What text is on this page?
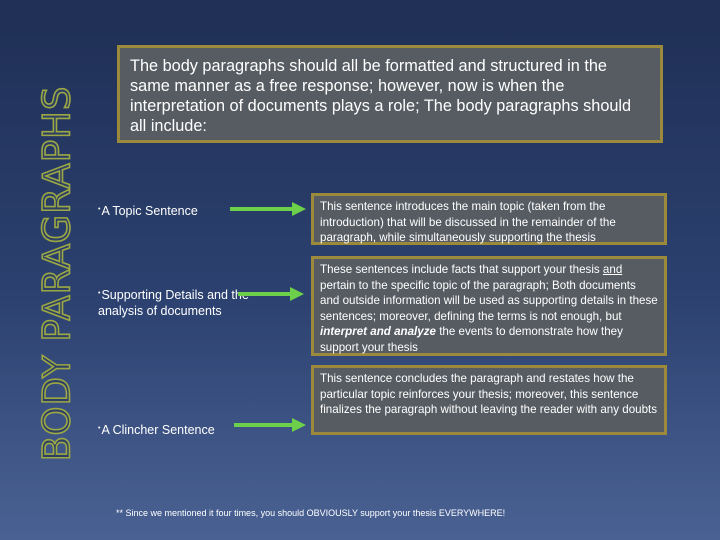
BODY PARAGRAPHS
The body paragraphs should all be formatted and structured in the same manner as a free response; however, now is when the interpretation of documents plays a role; The body paragraphs should all include:
•A Topic Sentence	This sentence introduces the main topic (taken from the introduction) that will be discussed in the remainder of the paragraph, while simultaneously supporting the thesis
•Supporting Details and the analysis of documents
These sentences include facts that support your thesis and pertain to the specific topic of the paragraph; Both documents and outside information will be used as supporting details in these sentences; moreover, defining the terms is not enough, but interpret and analyze the events to demonstrate how they support your thesis
•A Clincher Sentence
This sentence concludes the paragraph and restates how the particular topic reinforces your thesis; moreover, this sentence finalizes the paragraph without leaving the reader with any doubts
** Since we mentioned it four times, you should OBVIOUSLY support your thesis EVERYWHERE!
